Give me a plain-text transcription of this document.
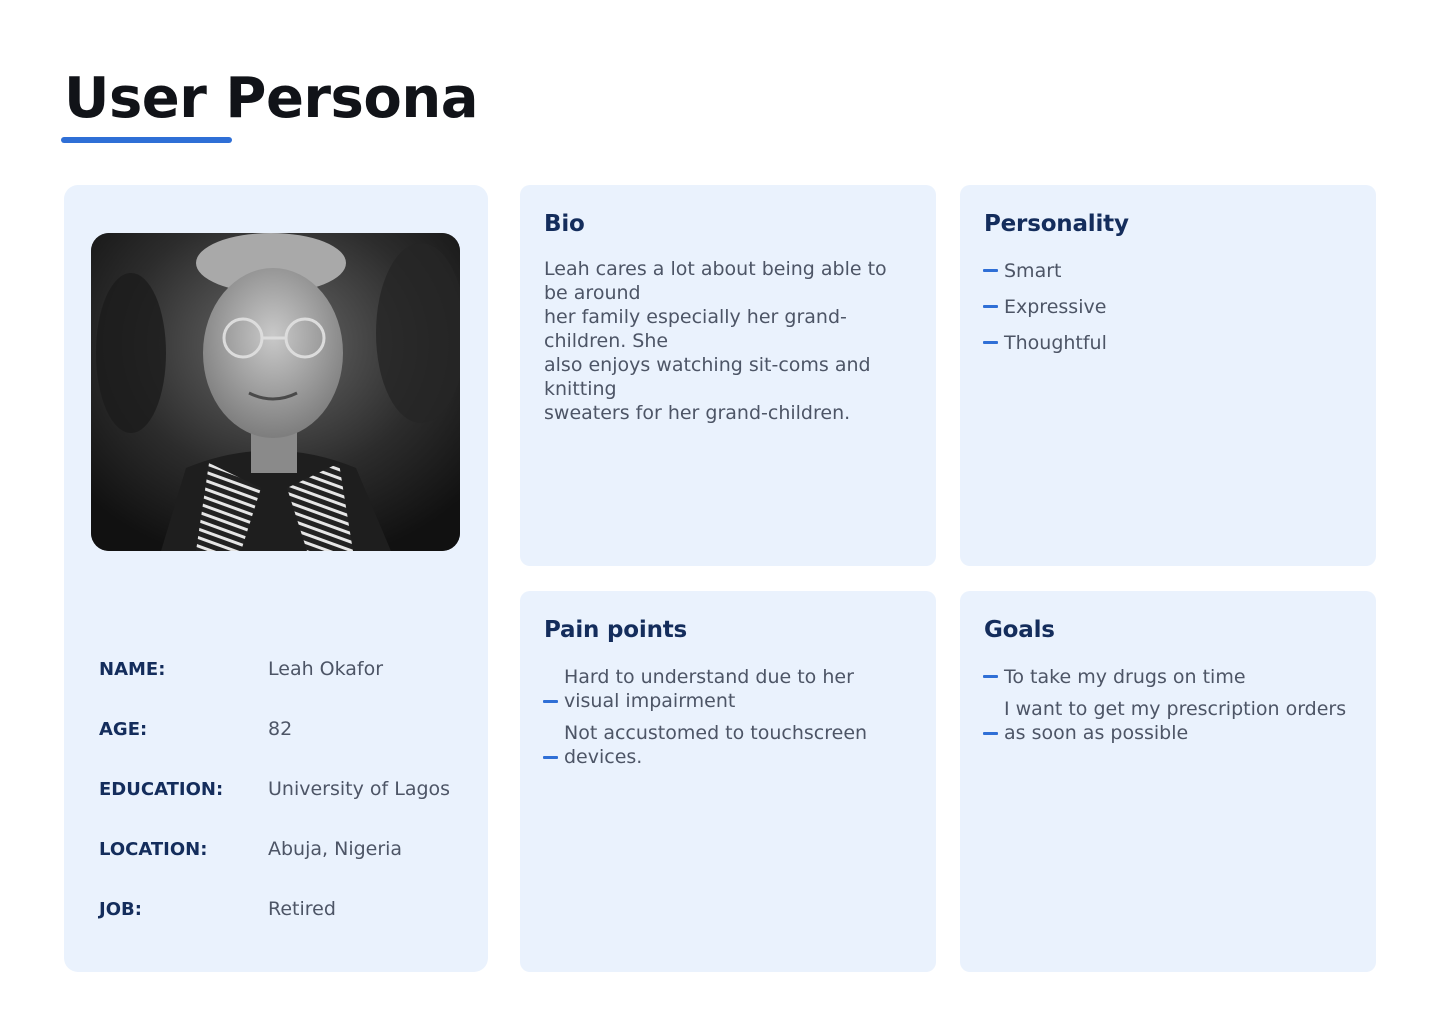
User Persona
NAME:	Leah Okafor
AGE:	82
EDUCATION: University of Lagos
LOCATION:	Abuja, Nigeria
JOB:	Retired
Bio

Leah cares a lot about being able to be around
her family especially her grand-children. She
also enjoys watching sit-coms and knitting
sweaters for her grand-children.

Personality
Smart
Expressive
Thoughtful
Pain points
Hard to understand due to her visual impairment
Not accustomed to touchscreen devices.
Goals
To take my drugs on time
I want to get my prescription orders as soon as possible
